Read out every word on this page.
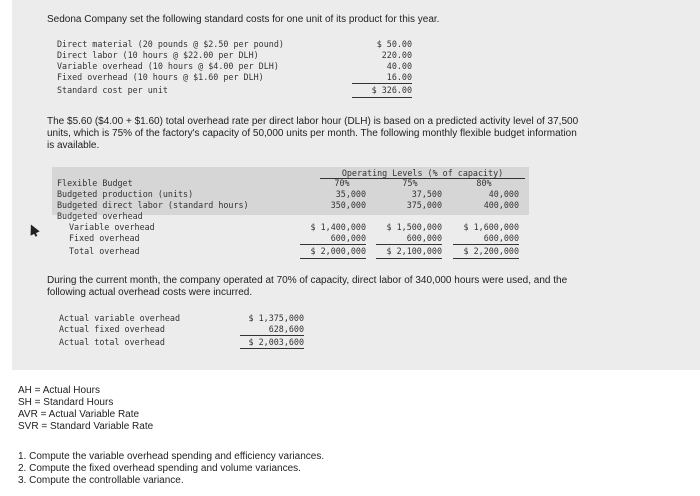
Sedona Company set the following standard costs for one unit of its product for this year.
Direct material (20 pounds @ $2.50 per pound)	$ 50.00
Direct labor (10 hours @ $22.00 per DLH)	220.00
Variable overhead (10 hours @ $4.00 per DLH)	40.00
Fixed overhead (10 hours @ $1.60 per DLH)	16.00
Standard cost per unit	$ 326.00
The $5.60 ($4.00 + $1.60) total overhead rate per direct labor hour (DLH) is based on a predicted activity level of 37,500
units, which is 75% of the factory's capacity of 50,000 units per month. The following monthly flexible budget information
is available.
Operating Levels (% of capacity)
Flexible Budget	70%	75%	80%
Budgeted production (units)	35,000	37,500	40,000
Budgeted direct labor (standard hours)	350,000	375,000	400,000
Budgeted overhead
Variable overhead	$ 1,400,000	$ 1,500,000	$ 1,600,000
Fixed overhead	600,000	600,000	600,000
Total overhead	$ 2,000,000	$ 2,100,000	$ 2,200,000
During the current month, the company operated at 70% of capacity, direct labor of 340,000 hours were used, and the
following actual overhead costs were incurred.
Actual variable overhead	$ 1,375,000
Actual fixed overhead	628,600
Actual total overhead	$ 2,003,600
AH = Actual Hours
SH = Standard Hours
AVR = Actual Variable Rate
SVR = Standard Variable Rate
1. Compute the variable overhead spending and efficiency variances.
2. Compute the fixed overhead spending and volume variances.
3. Compute the controllable variance.
